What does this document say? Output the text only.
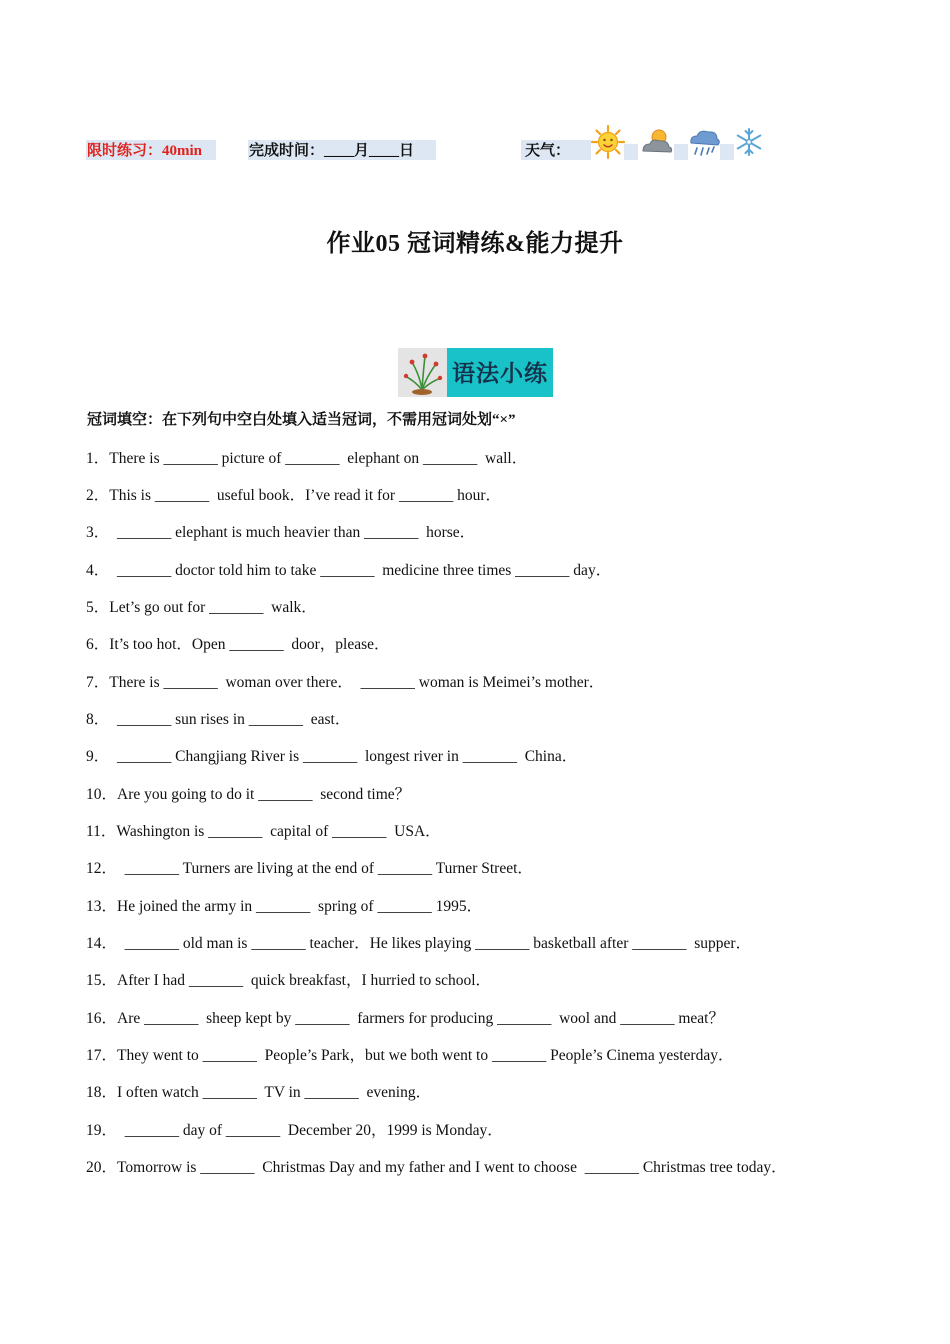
限时练习：40min	完成时间：____月____日	天气：
作业05 冠词精练&能力提升
语法小练
冠词填空：在下列句中空白处填入适当冠词，不需用冠词处划“×”
1．There is _______ picture of _______  elephant on _______  wall．
2．This is _______  useful book．I’ve read it for _______ hour．
3．  _______ elephant is much heavier than _______  horse．
4．  _______ doctor told him to take _______  medicine three times _______ day．
5．Let’s go out for _______  walk．
6．It’s too hot．Open _______  door，please．
7．There is _______  woman over there．  _______ woman is Meimei’s mother．
8．  _______ sun rises in _______  east．
9．  _______ Changjiang River is _______  longest river in _______  China．
10．Are you going to do it _______  second time？
11．Washington is _______  capital of _______  USA．
12．  _______ Turners are living at the end of _______ Turner Street．
13．He joined the army in _______  spring of _______ 1995．
14．  _______ old man is _______ teacher．He likes playing _______ basketball after _______  supper．
15．After I had _______  quick breakfast，I hurried to school．
16．Are _______  sheep kept by _______  farmers for producing _______  wool and _______ meat？
17．They went to _______  People’s Park，but we both went to _______ People’s Cinema yesterday．
18．I often watch _______  TV in _______  evening．
19．  _______ day of _______  December 20，1999 is Monday．
20．Tomorrow is _______  Christmas Day and my father and I went to choose  _______ Christmas tree today．
